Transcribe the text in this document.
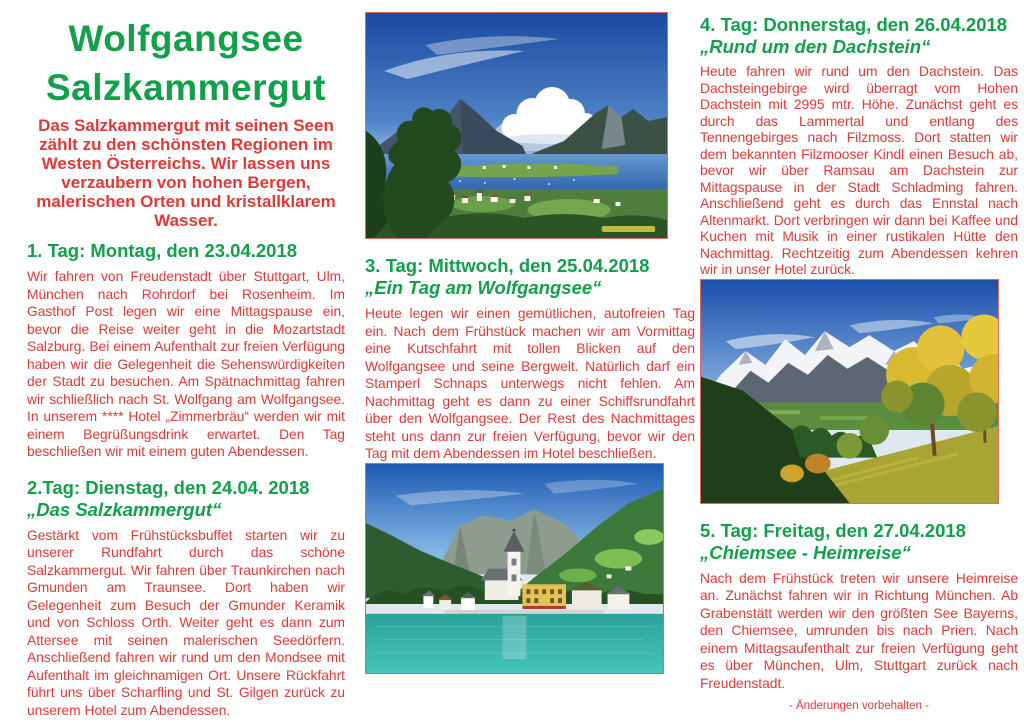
Wolfgangsee
Salzkammergut

Das Salzkammergut mit seinen Seen zählt zu den schönsten Regionen im Westen Österreichs. Wir lassen uns verzaubern von hohen Bergen, malerischen Orten und kristallklarem Wasser.

1. Tag: Montag, den 23.04.2018

Wir fahren von Freudenstadt über Stuttgart, Ulm, München nach Rohrdorf bei Rosenheim. Im Gasthof Post legen wir eine Mittagspause ein, bevor die Reise weiter geht in die Mozartstadt Salzburg. Bei einem Aufenthalt zur freien Verfügung haben wir die Gelegenheit die Sehenswürdigkeiten der Stadt zu besuchen. Am Spätnachmittag fahren wir schließlich nach St. Wolfgang am Wolfgangsee. In unserem **** Hotel „Zimmerbräu“ werden wir mit einem Begrüßungsdrink erwartet. Den Tag beschließen wir mit einem guten Abendessen.

2.Tag: Dienstag, den 24.04. 2018
„Das Salzkammergut“

Gestärkt vom Frühstücksbuffet starten wir zu unserer Rundfahrt durch das schöne Salzkammergut. Wir fahren über Traunkirchen nach Gmunden am Traunsee. Dort haben wir Gelegenheit zum Besuch der Gmunder Keramik und von Schloss Orth. Weiter geht es dann zum Attersee mit seinen malerischen Seedörfern. Anschließend fahren wir rund um den Mondsee mit Aufenthalt im gleichnamigen Ort. Unsere Rückfahrt führt uns über Scharfling und St. Gilgen zurück zu unserem Hotel zum Abendessen.

3. Tag: Mittwoch, den 25.04.2018
„Ein Tag am Wolfgangsee“

Heute legen wir einen gemütlichen, autofreien Tag ein. Nach dem Frühstück machen wir am Vormittag eine Kutschfahrt mit tollen Blicken auf den Wolfgangsee und seine Bergwelt. Natürlich darf ein Stamperl Schnaps unterwegs nicht fehlen. Am Nachmittag geht es dann zu einer Schiffsrundfahrt über den Wolfgangsee. Der Rest des Nachmittages steht uns dann zur freien Verfügung, bevor wir den Tag mit dem Abendessen im Hotel beschließen.

4. Tag: Donnerstag, den 26.04.2018
„Rund um den Dachstein“

Heute fahren wir rund um den Dachstein. Das Dachsteingebirge wird überragt vom Hohen Dachstein mit 2995 mtr. Höhe. Zunächst geht es durch das Lammertal und entlang des Tennengebirges nach Filzmoss. Dort statten wir dem bekannten Filzmooser Kindl einen Besuch ab, bevor wir über Ramsau am Dachstein zur Mittagspause in der Stadt Schladming fahren. Anschließend geht es durch das Ennstal nach Altenmarkt. Dort verbringen wir dann bei Kaffee und Kuchen mit Musik in einer rustikalen Hütte den Nachmittag. Rechtzeitig zum Abendessen kehren wir in unser Hotel zurück.

5. Tag: Freitag, den 27.04.2018
„Chiemsee - Heimreise“

Nach dem Frühstück treten wir unsere Heimreise an. Zunächst fahren wir in Richtung München. Ab Grabenstätt werden wir den größten See Bayerns, den Chiemsee, umrunden bis nach Prien. Nach einem Mittagsaufenthalt zur freien Verfügung geht es über München, Ulm, Stuttgart zurück nach Freudenstadt.

- Änderungen vorbehalten -
